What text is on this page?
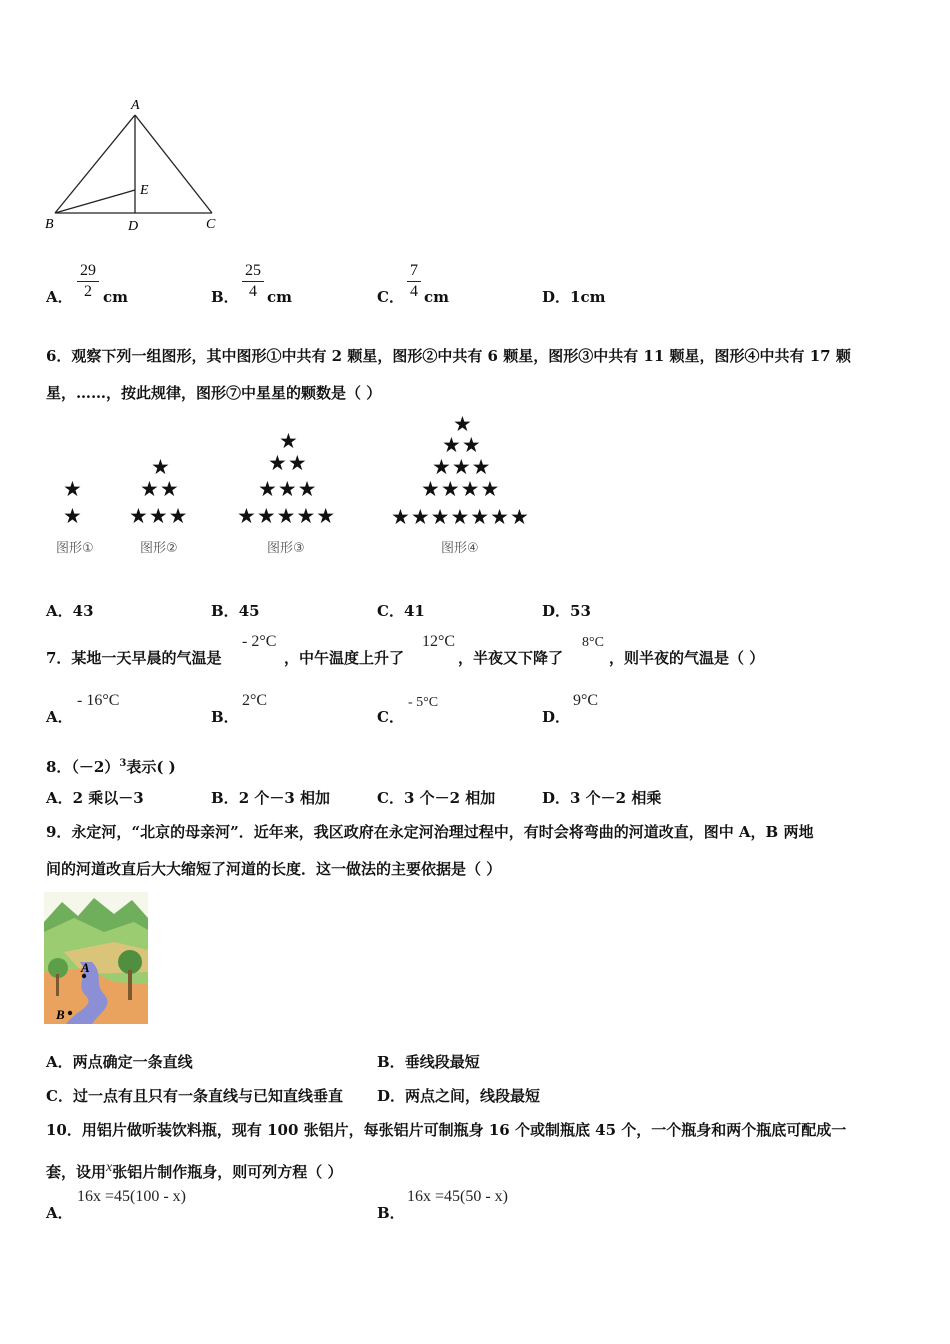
A
B	C
D
E
A．
29
2 cm	B．
25
4 cm	C．
7
4 cm	D．1cm
6．观察下列一组图形，其中图形①中共有 2 颗星，图形②中共有 6 颗星，图形③中共有 11 颗星，图形④中共有 17 颗
星，……，按此规律，图形⑦中星星的颗数是（ ）
★
★
图形①
★
★★
★★★
图形②
★
★★
★★★
★★★★★
图形③
★
★★
★★★
★★★★
★★★★★★★
图形④
A．43	B．45	C．41	D．53
7．某地一天早晨的气温是
- 2°C
，中午温度上升了
12°C
，半夜又下降了
8°C
，则半夜的气温是（ ）
A．
- 16°C
B．
2°C
C．
- 5°C
D．
9°C
8．$(-2)^3$表示( )
A．2 乘以－3	B．2 个－3 相加	C．3 个－2 相加	D．3 个－2 相乘
9．永定河，“北京的母亲河”．近年来，我区政府在永定河治理过程中，有时会将弯曲的河道改直，图中 A，B 两地
间的河道改直后大大缩短了河道的长度．这一做法的主要依据是（ ）
A
B
A．两点确定一条直线	B．垂线段最短
C．过一点有且只有一条直线与已知直线垂直 D．两点之间，线段最短
10．用铝片做听装饮料瓶，现有 100 张铝片，每张铝片可制瓶身 16 个或制瓶底 45 个，一个瓶身和两个瓶底可配成一
套，设用x张铝片制作瓶身，则可列方程（ ）
A．
16x =45(100 - x)
B．
16x =45(50 - x)
